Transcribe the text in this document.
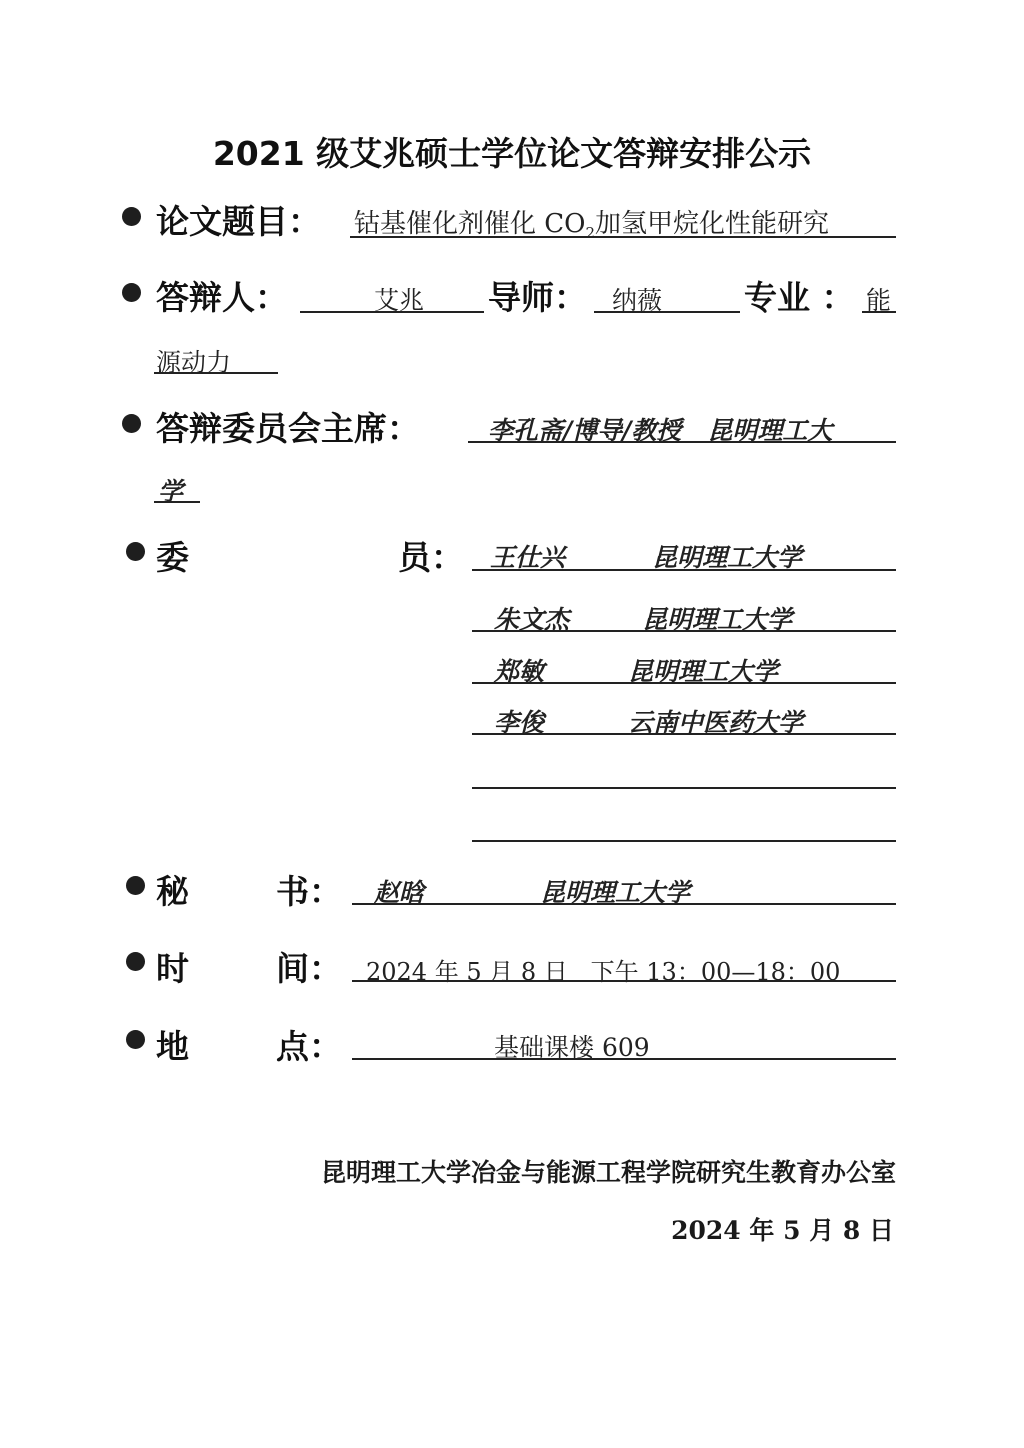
2021 级艾兆硕士学位论文答辩安排公示
论文题目： 钴基催化剂催化 $CO_2$加氢甲烷化性能研究
答辩人：	艾兆 导师： 纳薇 专业 ： 能
源动力
答辩委员会主席：	李孔斋/博导/教授   昆明理工大
学
委	员： 王仕兴	昆明理工大学
朱文杰	昆明理工大学
郑敏	昆明理工大学
李俊	云南中医药大学
秘	书： 赵晗	昆明理工大学
时	间： 2024 年 5 月 8 日   下午 13：00—18：00
地	点：	基础课楼 609
昆明理工大学冶金与能源工程学院研究生教育办公室
2024 年 5 月 8 日
